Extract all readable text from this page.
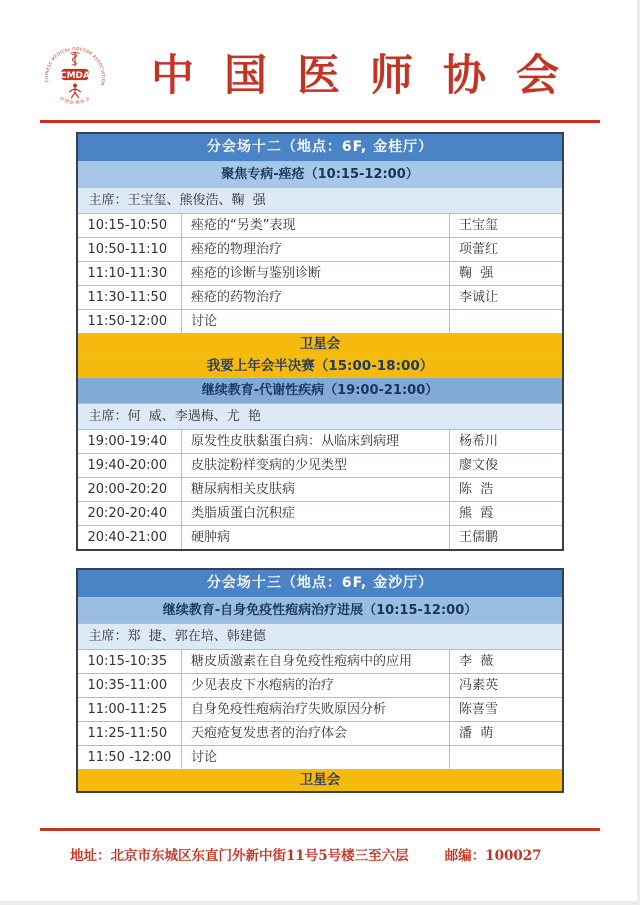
CHINESE MEDICAL DOCTOR ASSOCIATION
中国医师协会
CMDA	中国医师协会
分会场十二（地点：6F, 金桂厅）		
聚焦专病-痤疮（10:15-12:00）		
主席：王宝玺、熊俊浩、鞠  强		
10:15-10:50	痤疮的“另类”表现	王宝玺
10:50-11:10	痤疮的物理治疗	项蕾红
11:10-11:30	痤疮的诊断与鉴别诊断	鞠  强
11:30-11:50	痤疮的药物治疗	李诚让
11:50-12:00	讨论	
卫星会		
我要上年会半决赛（15:00-18:00）		
继续教育-代谢性疾病（19:00-21:00）		
主席：何  威、李遇梅、尤  艳		
19:00-19:40	原发性皮肤黏蛋白病：从临床到病理	杨希川
19:40-20:00	皮肤淀粉样变病的少见类型	廖文俊
20:00-20:20	糖尿病相关皮肤病	陈  浩
20:20-20:40	类脂质蛋白沉积症	熊  霞
20:40-21:00	硬肿病	王儒鹏
分会场十三（地点：6F, 金沙厅）		
继续教育-自身免疫性疱病治疗进展（10:15-12:00）		
主席：郑  捷、郭在培、韩建德		
10:15-10:35	糖皮质激素在自身免疫性疱病中的应用	李  薇
10:35-11:00	少见表皮下水疱病的治疗	冯素英
11:00-11:25	自身免疫性疱病治疗失败原因分析	陈喜雪
11:25-11:50	天疱疮复发患者的治疗体会	潘  萌
11:50 -12:00	讨论	
卫星会		
地址：北京市东城区东直门外新中街11号5号楼三至六层	邮编：100027
